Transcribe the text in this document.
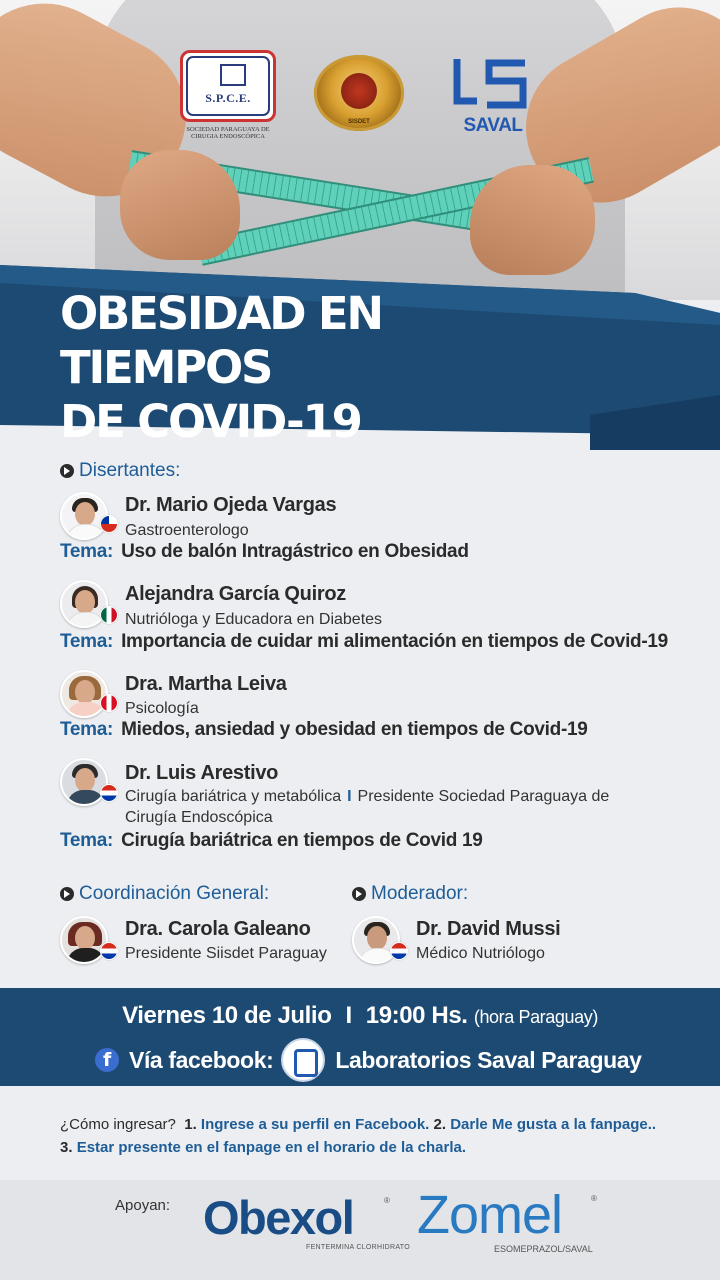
S.P.C.E.
SOCIEDAD PARAGUAYA DE CIRUGIA ENDOSCÓPICA
SISDET	SAVAL
OBESIDAD EN TIEMPOS
DE COVID-19
Disertantes:
Dr. Mario Ojeda Vargas
Gastroenterologo
Tema: Uso de balón Intragástrico en Obesidad
Alejandra García Quiroz
Nutrióloga y Educadora en Diabetes
Tema: Importancia de cuidar mi alimentación en tiempos de Covid-19
Dra. Martha Leiva
Psicología
Tema: Miedos, ansiedad y obesidad en tiempos de Covid-19
Dr. Luis Arestivo
Cirugía bariátrica y metabólica I Presidente Sociedad Paraguaya de
Cirugía Endoscópica
Tema: Cirugía bariátrica en tiempos de Covid 19
Coordinación General:
Dra. Carola Galeano
Presidente Siisdet Paraguay
Moderador:
Dr. David Mussi
Médico Nutriólogo
Viernes 10 de Julio I 19:00 Hs. (hora Paraguay)
f
Vía facebook:	Laboratorios Saval Paraguay
¿Cómo ingresar? 1. Ingrese a su perfil en Facebook. 2. Darle Me gusta a la fanpage..
3. Estar presente en el fanpage en el horario de la charla.
Apoyan: Obexol	®
FENTERMINA CLORHIDRATO
Zomel	®
ESOMEPRAZOL/SAVAL
